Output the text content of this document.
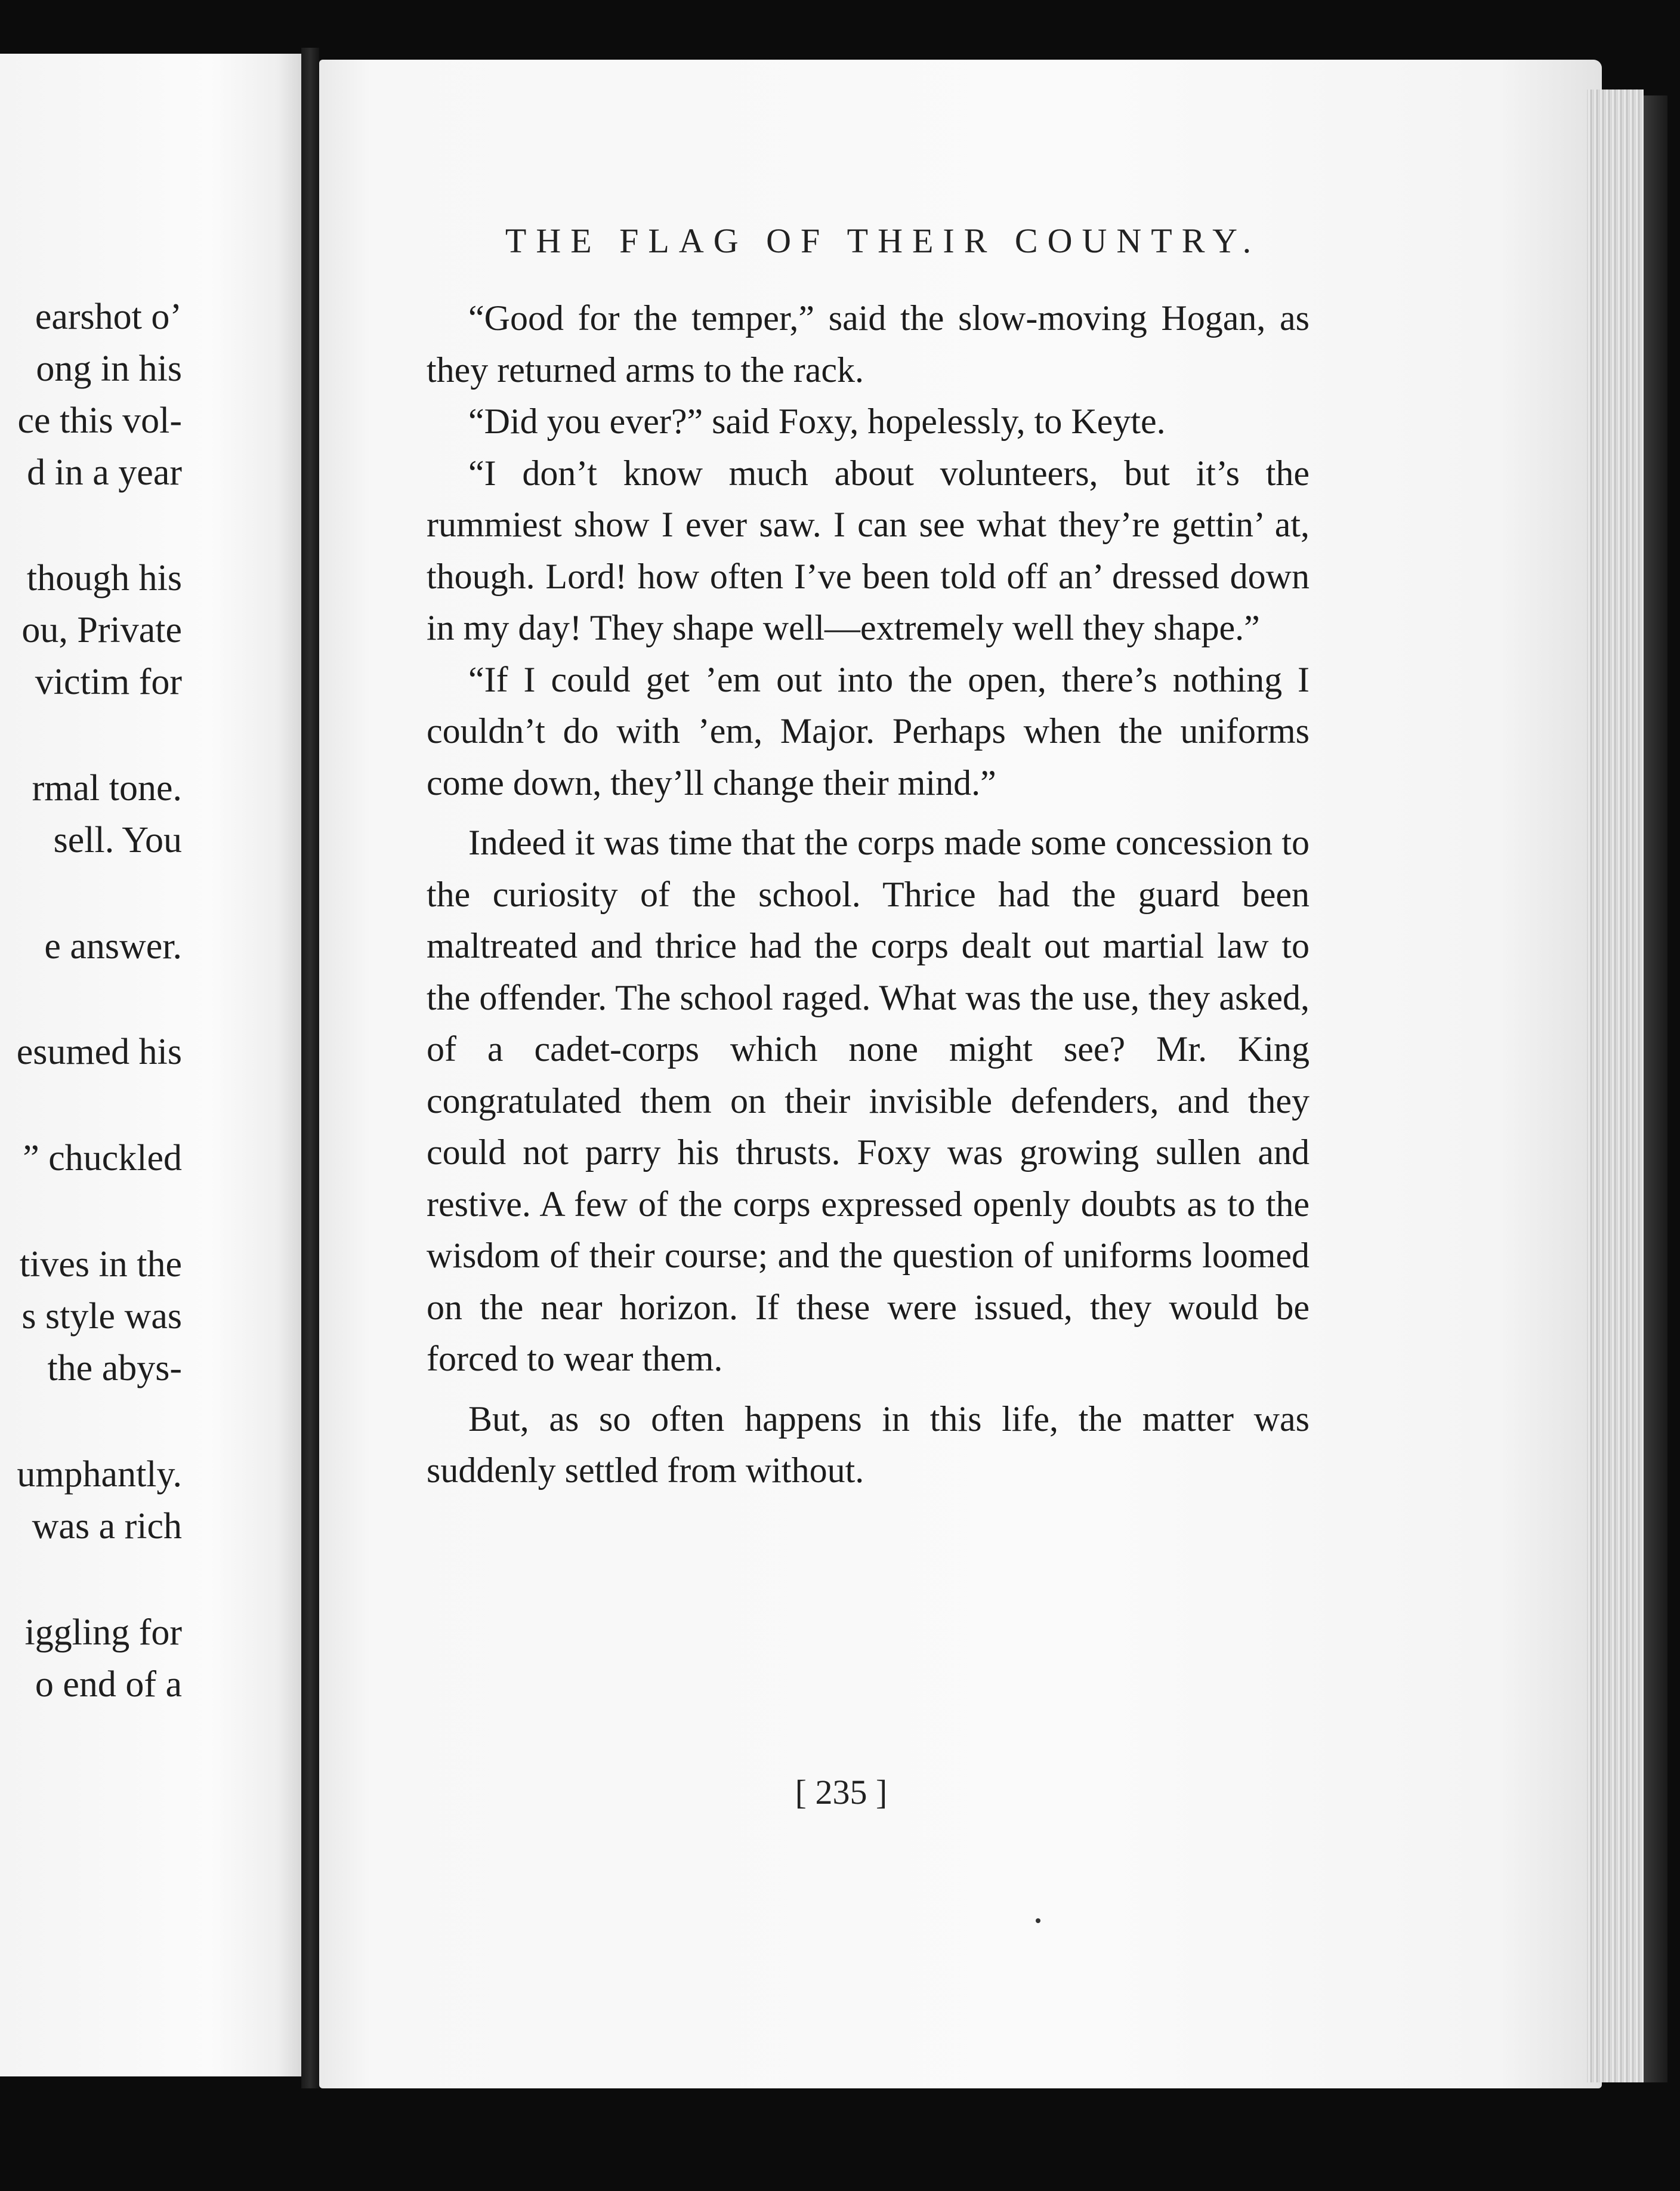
earshot o’
ong in his
ce this vol-
d in a year
though his
ou, Private
victim for
rmal tone.
sell. You
e answer.
esumed his
” chuckled
tives in the
s style was
the abys-
umphantly.
was a rich
iggling for
o end of a
THE FLAG OF THEIR COUNTRY.

“Good for the temper,” said the slow-moving Hogan, as they returned arms to the rack.

“Did you ever?” said Foxy, hopelessly, to Keyte.

“I don’t know much about volunteers, but it’s the rummiest show I ever saw. I can see what they’re gettin’ at, though. Lord! how often I’ve been told off an’ dressed down in my day! They shape well—extremely well they shape.”

“If I could get ’em out into the open, there’s nothing I couldn’t do with ’em, Major. Perhaps when the uniforms come down, they’ll change their mind.”

Indeed it was time that the corps made some concession to the curiosity of the school. Thrice had the guard been maltreated and thrice had the corps dealt out martial law to the offender. The school raged. What was the use, they asked, of a cadet-corps which none might see? Mr. King congratulated them on their invisible defenders, and they could not parry his thrusts. Foxy was growing sullen and restive. A few of the corps expressed openly doubts as to the wisdom of their course; and the question of uniforms loomed on the near horizon. If these were issued, they would be forced to wear them.

But, as so often happens in this life, the matter was suddenly settled from without.

[ 235 ]
